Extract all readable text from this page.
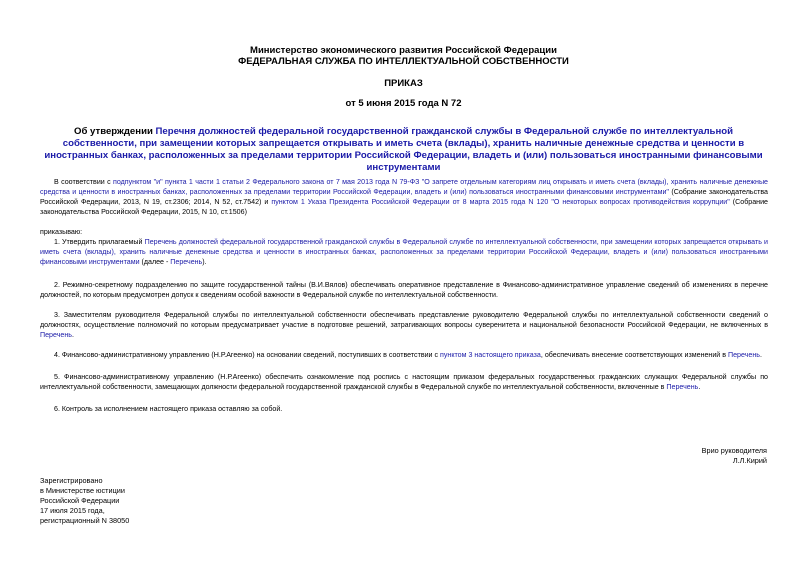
Министерство экономического развития Российской Федерации
ФЕДЕРАЛЬНАЯ СЛУЖБА ПО ИНТЕЛЛЕКТУАЛЬНОЙ СОБСТВЕННОСТИ
ПРИКАЗ
от 5 июня 2015 года N 72
Об утверждении Перечня должностей федеральной государственной гражданской службы в Федеральной службе по интеллектуальной собственности, при замещении которых запрещается открывать и иметь счета (вклады), хранить наличные денежные средства и ценности в иностранных банках, расположенных за пределами территории Российской Федерации, владеть и (или) пользоваться иностранными финансовыми инструментами
В соответствии с подпунктом "и" пункта 1 части 1 статьи 2 Федерального закона от 7 мая 2013 года N 79-ФЗ "О запрете отдельным категориям лиц открывать и иметь счета (вклады), хранить наличные денежные средства и ценности в иностранных банках, расположенных за пределами территории Российской Федерации, владеть и (или) пользоваться иностранными финансовыми инструментами" (Собрание законодательства Российской Федерации, 2013, N 19, ст.2306; 2014, N 52, ст.7542) и пунктом 1 Указа Президента Российской Федерации от 8 марта 2015 года N 120 "О некоторых вопросах противодействия коррупции" (Собрание законодательства Российской Федерации, 2015, N 10, ст.1506)
приказываю:
1. Утвердить прилагаемый Перечень должностей федеральной государственной гражданской службы в Федеральной службе по интеллектуальной собственности, при замещении которых запрещается открывать и иметь счета (вклады), хранить наличные денежные средства и ценности в иностранных банках, расположенных за пределами территории Российской Федерации, владеть и (или) пользоваться иностранными финансовыми инструментами (далее - Перечень).
2. Режимно-секретному подразделению по защите государственной тайны (В.И.Вялов) обеспечивать оперативное представление в Финансово-административное управление сведений об изменениях в перечне должностей, по которым предусмотрен допуск к сведениям особой важности в Федеральной службе по интеллектуальной собственности.
3. Заместителям руководителя Федеральной службы по интеллектуальной собственности обеспечивать представление руководителю Федеральной службы по интеллектуальной собственности сведений о должностях, осуществление полномочий по которым предусматривает участие в подготовке решений, затрагивающих вопросы суверенитета и национальной безопасности Российской Федерации, не включенных в Перечень.
4. Финансово-административному управлению (Н.Р.Агеенко) на основании сведений, поступивших в соответствии с пунктом 3 настоящего приказа, обеспечивать внесение соответствующих изменений в Перечень.
5. Финансово-административному управлению (Н.Р.Агеенко) обеспечить ознакомление под роспись с настоящим приказом федеральных государственных гражданских служащих Федеральной службы по интеллектуальной собственности, замещающих должности федеральной государственной гражданской службы в Федеральной службе по интеллектуальной собственности, включенные в Перечень.
6. Контроль за исполнением настоящего приказа оставляю за собой.
Врио руководителя
Л.Л.Кирий
Зарегистрировано
в Министерстве юстиции
Российской Федерации
17 июля 2015 года,
регистрационный N 38050
